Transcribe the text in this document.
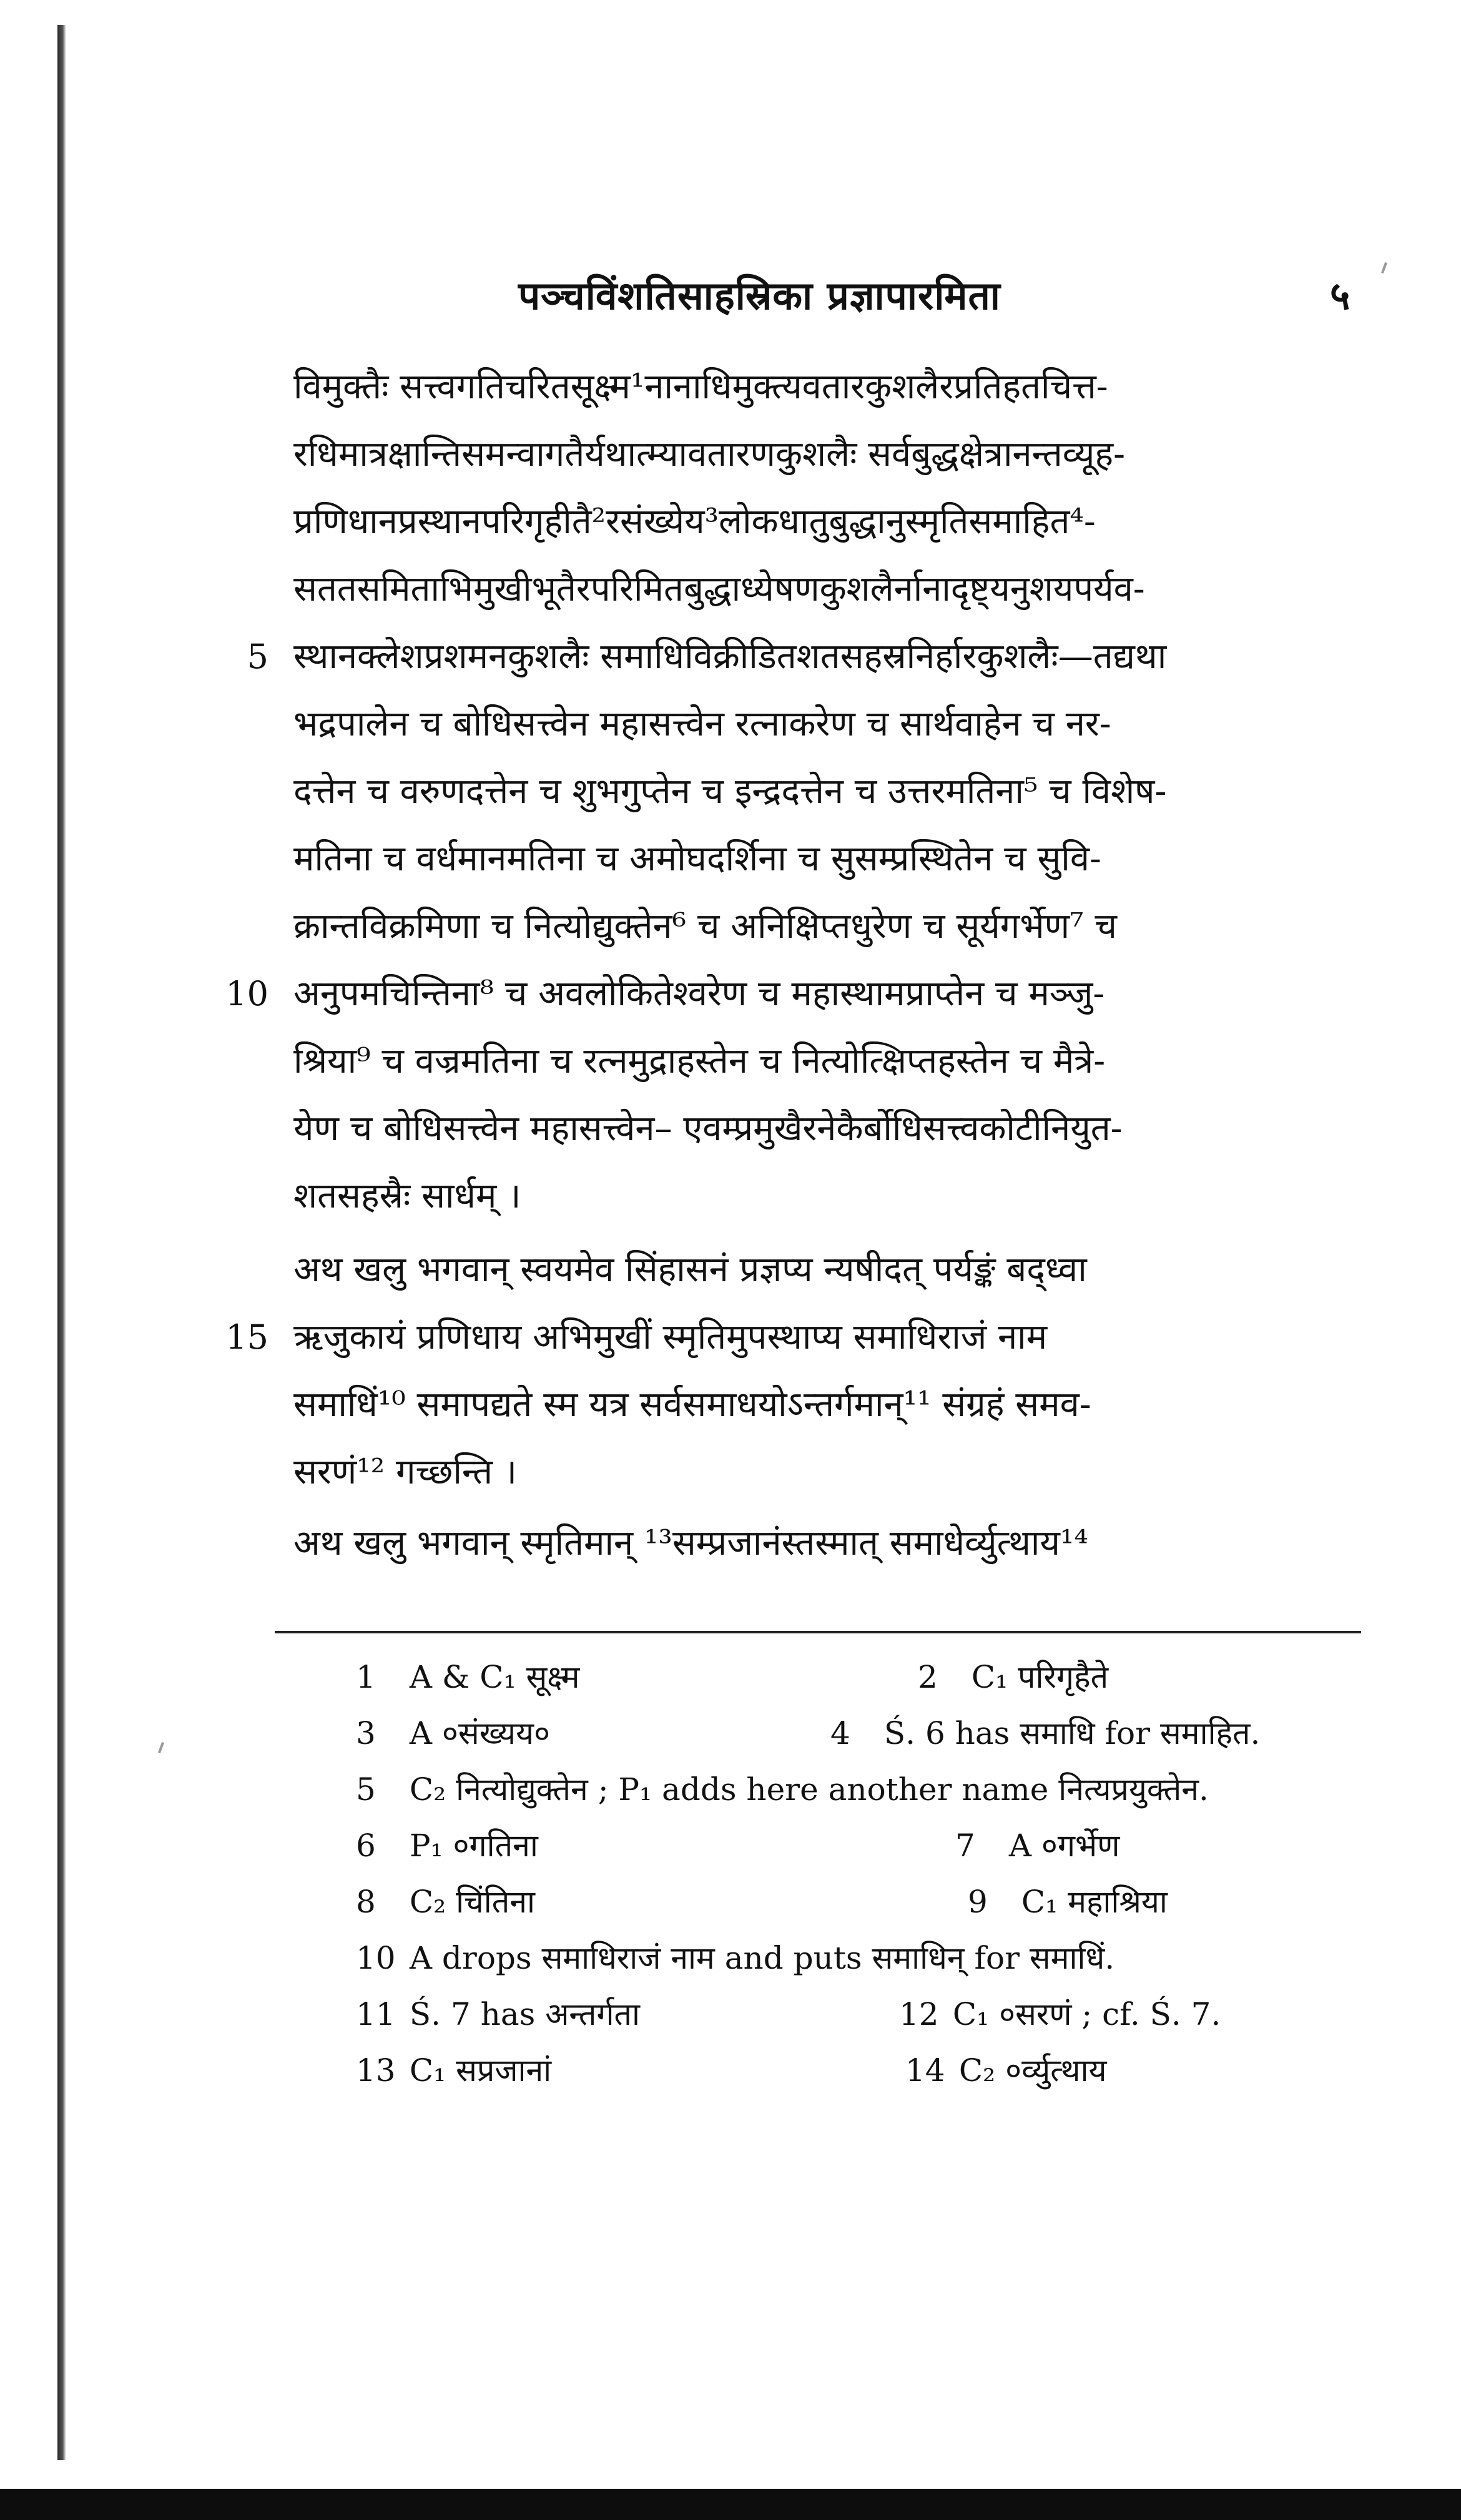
पञ्चविंशतिसाहस्रिका प्रज्ञापारमिता	५
विमुक्तैः सत्त्वगतिचरितसूक्ष्म¹नानाधिमुक्त्यवतारकुशलैरप्रतिहतचित्त-
रधिमात्रक्षान्तिसमन्वागतैर्यथात्म्यावतारणकुशलैः सर्वबुद्धक्षेत्रानन्तव्यूह-
प्रणिधानप्रस्थानपरिगृहीतै²रसंख्येय³लोकधातुबुद्धानुस्मृतिसमाहित⁴-
सततसमिताभिमुखीभूतैरपरिमितबुद्धाध्येषणकुशलैर्नानादृष्ट्यनुशयपर्यव-
5 स्थानक्लेशप्रशमनकुशलैः समाधिविक्रीडितशतसहस्रनिर्हारकुशलैः—तद्यथा
भद्रपालेन च बोधिसत्त्वेन महासत्त्वेन रत्नाकरेण च सार्थवाहेन च नर-
दत्तेन च वरुणदत्तेन च शुभगुप्तेन च इन्द्रदत्तेन च उत्तरमतिना⁵ च विशेष-
मतिना च वर्धमानमतिना च अमोघदर्शिना च सुसम्प्रस्थितेन च सुवि-
क्रान्तविक्रमिणा च नित्योद्युक्तेन⁶ च अनिक्षिप्तधुरेण च सूर्यगर्भेण⁷ च
10 अनुपमचिन्तिना⁸ च अवलोकितेश्वरेण च महास्थामप्राप्तेन च मञ्जु-
श्रिया⁹ च वज्रमतिना च रत्नमुद्राहस्तेन च नित्योत्क्षिप्तहस्तेन च मैत्रे-
येण च बोधिसत्त्वेन महासत्त्वेन– एवम्प्रमुखैरनेकैर्बोधिसत्त्वकोटीनियुत-
शतसहस्रैः सार्धम् ।
अथ खलु भगवान् स्वयमेव सिंहासनं प्रज्ञप्य न्यषीदत् पर्यङ्कं बद्ध्वा
15 ऋजुकायं प्रणिधाय अभिमुखीं स्मृतिमुपस्थाप्य समाधिराजं नाम
समाधिं¹⁰ समापद्यते स्म यत्र सर्वसमाधयोऽन्तर्गमान्¹¹ संग्रहं समव-
सरणं¹² गच्छन्ति ।
अथ खलु भगवान् स्मृतिमान् ¹³सम्प्रजानंस्तस्मात् समाधेर्व्युत्थाय¹⁴
1 A & C₁ सूक्ष्म	2 C₁ परिगृहैते
3 A ०संख्यय०	4 Ś. 6 has समाधि for समाहित.
5 C₂ नित्योद्युक्तेन ; P₁ adds here another name नित्यप्रयुक्तेन.
6 P₁ ०गतिना	7 A ०गर्भेण
8 C₂ चिंतिना	9 C₁ महाश्रिया
10 A drops समाधिराजं नाम and puts समाधिन् for समाधिं.
11 Ś. 7 has अन्तर्गता	12 C₁ ०सरणं ; cf. Ś. 7.
13 C₁ सप्रजानां	14 C₂ ०र्व्युत्थाय
